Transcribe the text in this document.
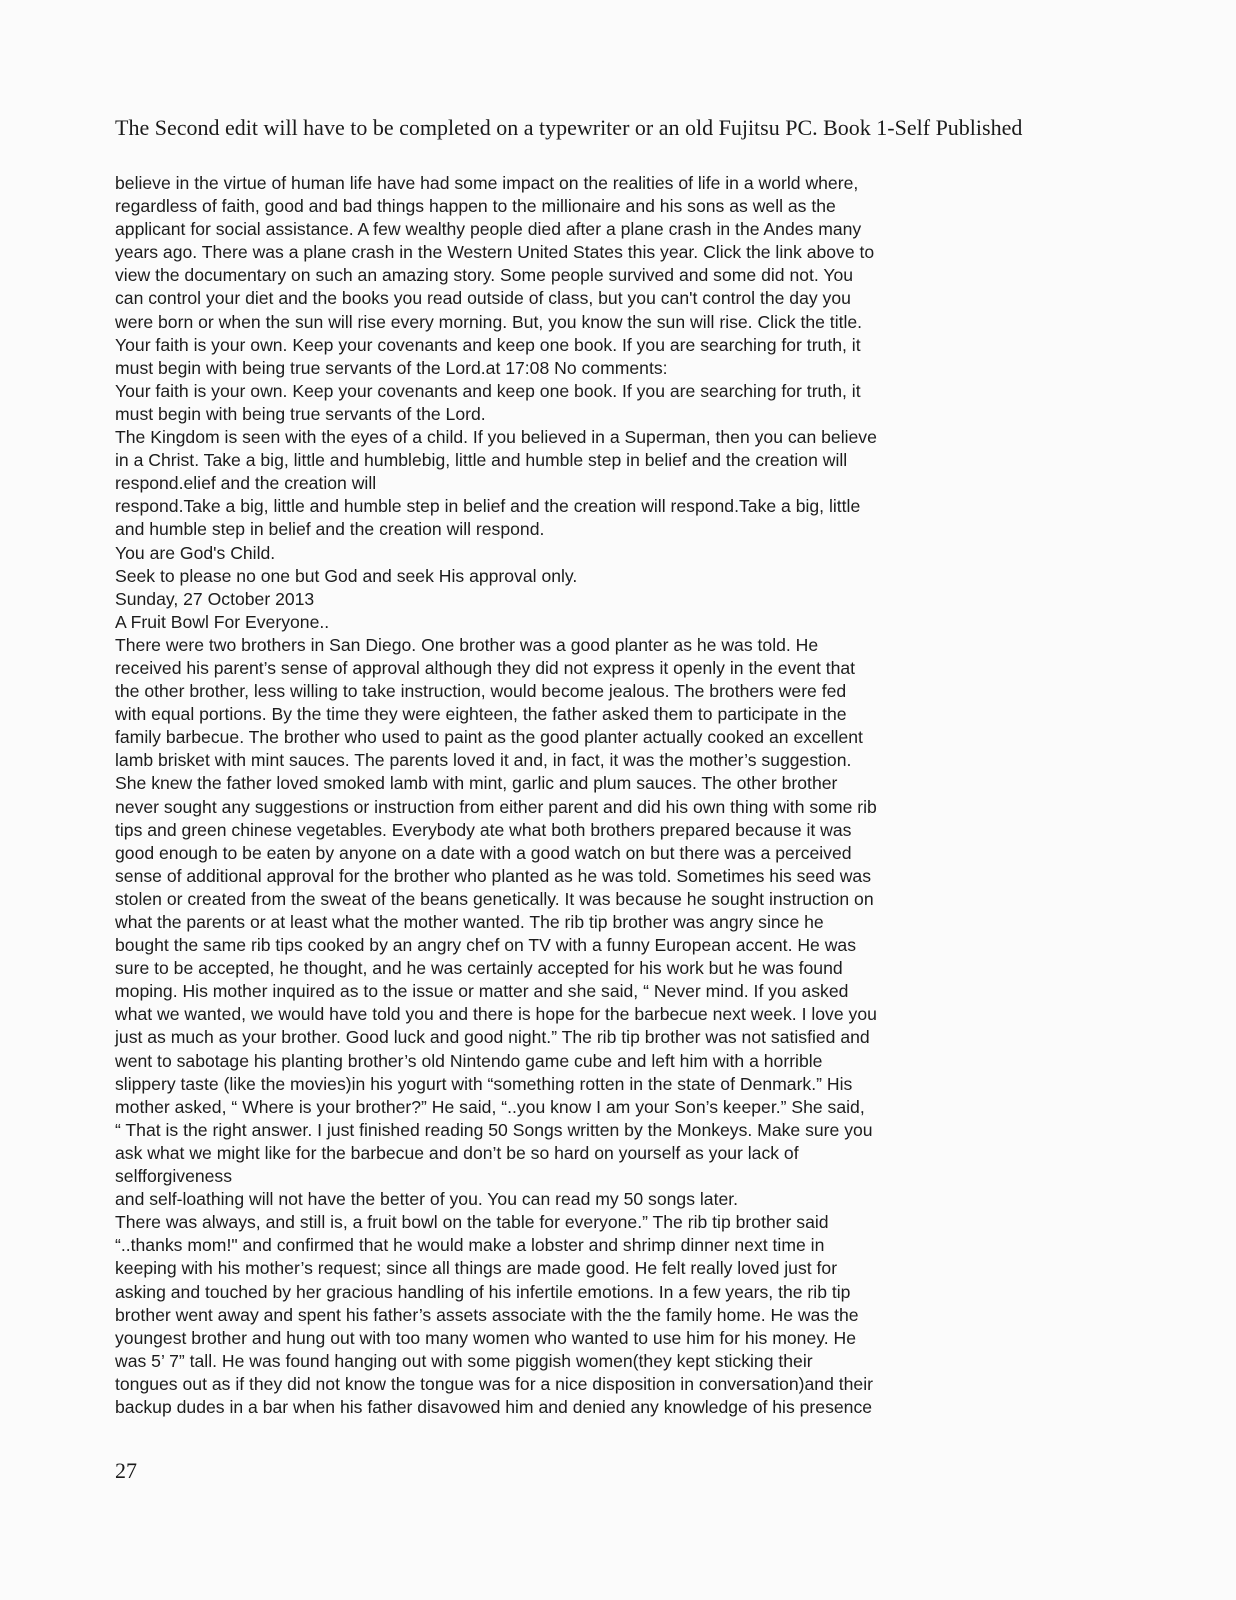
The Second edit will have to be completed on a typewriter or an old Fujitsu PC. Book 1-Self Published
believe in the virtue of human life have had some impact on the realities of life in a world where,
regardless of faith, good and bad things happen to the millionaire and his sons as well as the
applicant for social assistance. A few wealthy people died after a plane crash in the Andes many
years ago. There was a plane crash in the Western United States this year. Click the link above to
view the documentary on such an amazing story. Some people survived and some did not. You
can control your diet and the books you read outside of class, but you can't control the day you
were born or when the sun will rise every morning. But, you know the sun will rise. Click the title.
Your faith is your own. Keep your covenants and keep one book. If you are searching for truth, it
must begin with being true servants of the Lord.at 17:08 No comments:
Your faith is your own. Keep your covenants and keep one book. If you are searching for truth, it
must begin with being true servants of the Lord.
The Kingdom is seen with the eyes of a child. If you believed in a Superman, then you can believe
in a Christ. Take a big, little and humblebig, little and humble step in belief and the creation will
respond.elief and the creation will
respond.Take a big, little and humble step in belief and the creation will respond.Take a big, little
and humble step in belief and the creation will respond.
You are God's Child.
Seek to please no one but God and seek His approval only.
Sunday, 27 October 2013
A Fruit Bowl For Everyone..
There were two brothers in San Diego. One brother was a good planter as he was told. He
received his parent’s sense of approval although they did not express it openly in the event that
the other brother, less willing to take instruction, would become jealous. The brothers were fed
with equal portions. By the time they were eighteen, the father asked them to participate in the
family barbecue. The brother who used to paint as the good planter actually cooked an excellent
lamb brisket with mint sauces. The parents loved it and, in fact, it was the mother’s suggestion.
She knew the father loved smoked lamb with mint, garlic and plum sauces. The other brother
never sought any suggestions or instruction from either parent and did his own thing with some rib
tips and green chinese vegetables. Everybody ate what both brothers prepared because it was
good enough to be eaten by anyone on a date with a good watch on but there was a perceived
sense of additional approval for the brother who planted as he was told. Sometimes his seed was
stolen or created from the sweat of the beans genetically. It was because he sought instruction on
what the parents or at least what the mother wanted. The rib tip brother was angry since he
bought the same rib tips cooked by an angry chef on TV with a funny European accent. He was
sure to be accepted, he thought, and he was certainly accepted for his work but he was found
moping. His mother inquired as to the issue or matter and she said, “ Never mind. If you asked
what we wanted, we would have told you and there is hope for the barbecue next week. I love you
just as much as your brother. Good luck and good night.” The rib tip brother was not satisfied and
went to sabotage his planting brother’s old Nintendo game cube and left him with a horrible
slippery taste (like the movies)in his yogurt with “something rotten in the state of Denmark.” His
mother asked, “ Where is your brother?” He said, “..you know I am your Son’s keeper.” She said,
“ That is the right answer. I just finished reading 50 Songs written by the Monkeys. Make sure you
ask what we might like for the barbecue and don’t be so hard on yourself as your lack of
selfforgiveness
and self-loathing will not have the better of you. You can read my 50 songs later.
There was always, and still is, a fruit bowl on the table for everyone.” The rib tip brother said
“..thanks mom!" and confirmed that he would make a lobster and shrimp dinner next time in
keeping with his mother’s request; since all things are made good. He felt really loved just for
asking and touched by her gracious handling of his infertile emotions. In a few years, the rib tip
brother went away and spent his father’s assets associate with the the family home. He was the
youngest brother and hung out with too many women who wanted to use him for his money. He
was 5’ 7” tall. He was found hanging out with some piggish women(they kept sticking their
tongues out as if they did not know the tongue was for a nice disposition in conversation)and their
backup dudes in a bar when his father disavowed him and denied any knowledge of his presence
27
